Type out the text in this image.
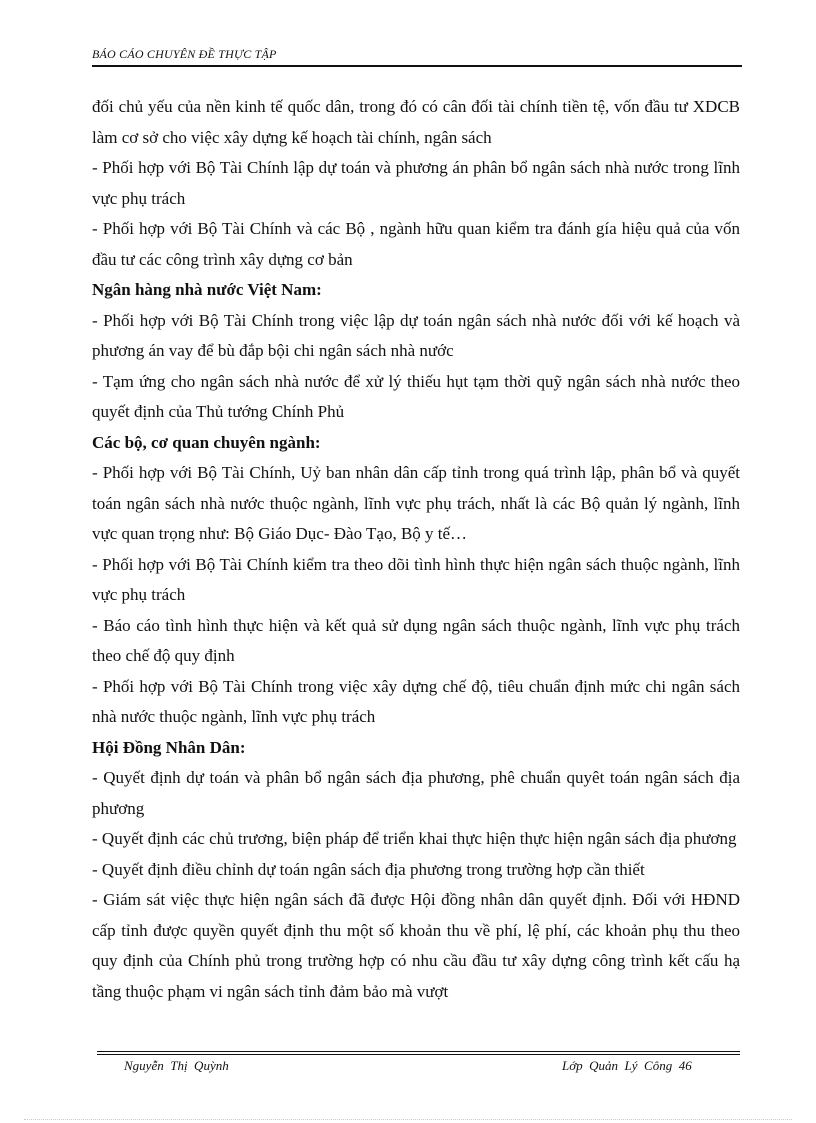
BÁO CÁO CHUYÊN ĐỀ THỰC TẬP

đối chủ yếu của nền kinh tế quốc dân, trong đó có cân đối tài chính tiền tệ, vốn đầu tư XDCB làm cơ sở cho việc xây dựng kế hoạch tài chính, ngân sách

- Phối hợp với Bộ Tài Chính lập dự toán và phương án phân bổ ngân sách nhà nước trong lĩnh vực phụ trách

- Phối hợp với Bộ Tài Chính và các Bộ , ngành hữu quan kiểm tra đánh gía hiệu quả của vốn đầu tư các công trình xây dựng cơ bản

Ngân hàng nhà nước Việt Nam:

- Phối hợp với Bộ Tài Chính trong việc lập dự toán ngân sách nhà nước đối với kế hoạch và phương án vay để bù đắp bội chi ngân sách nhà nước

- Tạm ứng cho ngân sách nhà nước để xử lý thiếu hụt tạm thời quỹ ngân sách nhà nước theo quyết định của Thủ tướng Chính Phủ

Các bộ, cơ quan chuyên ngành:

- Phối hợp với Bộ Tài Chính, Uỷ ban nhân dân cấp tỉnh trong quá trình lập, phân bổ và quyết toán ngân sách nhà nước thuộc ngành, lĩnh vực phụ trách, nhất là các Bộ quản lý ngành, lĩnh vực quan trọng như: Bộ Giáo Dục- Đào Tạo, Bộ y tế…

- Phối hợp với Bộ Tài Chính kiểm tra theo dõi tình hình thực hiện ngân sách thuộc ngành, lĩnh vực phụ trách

- Báo cáo tình hình thực hiện và kết quả sử dụng ngân sách thuộc ngành, lĩnh vực phụ trách theo chế độ quy định

- Phối hợp với Bộ Tài Chính trong việc xây dựng chế độ, tiêu chuẩn định mức chi ngân sách nhà nước thuộc ngành, lĩnh vực phụ trách

Hội Đồng Nhân Dân:

- Quyết định dự toán và phân bổ ngân sách địa phương, phê chuẩn quyêt toán ngân sách địa phương

- Quyết định các chủ trương, biện pháp để triển khai thực hiện thực hiện ngân sách địa phương

- Quyết định điều chỉnh dự toán ngân sách địa phương trong trường hợp cần thiết

- Giám sát việc thực hiện ngân sách đã được Hội đồng nhân dân quyết định. Đối với HĐND cấp tỉnh được quyền quyết định thu một số khoản thu về phí, lệ phí, các khoản phụ thu theo quy định của Chính phủ trong trường hợp có nhu cầu đầu tư xây dựng công trình kết cấu hạ tầng thuộc phạm vi ngân sách tỉnh đảm bảo mà vượt

Nguyễn  Thị  Quỳnh	Lớp  Quản  Lý  Công  46
